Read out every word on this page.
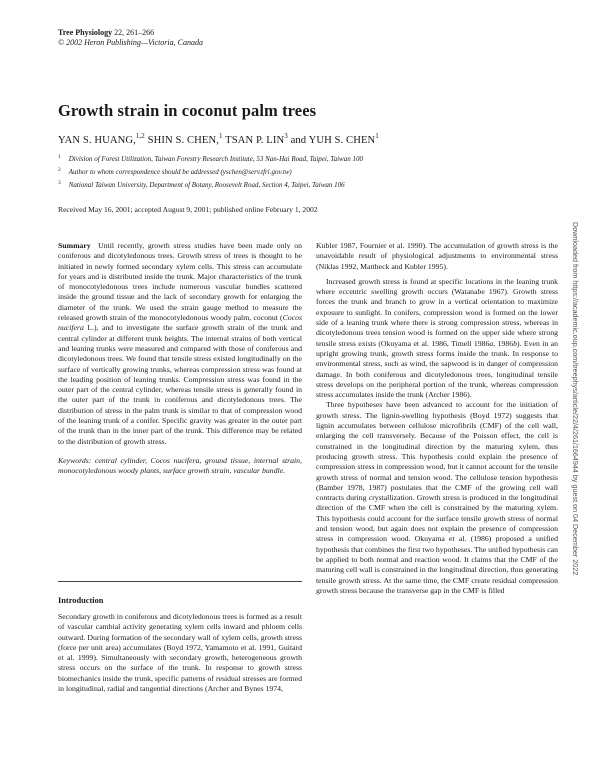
Tree Physiology 22, 261–266
© 2002 Heron Publishing—Victoria, Canada
Growth strain in coconut palm trees
YAN S. HUANG,$^{1,2}$ SHIN S. CHEN,$^1$ TSAN P. LIN$^3$ and YUH S. CHEN$^1$
$^1$ Division of Forest Utilization, Taiwan Forestry Research Institute, 53 Nan-Hai Road, Taipei, Taiwan 100
$^2$ Author to whom correspondence should be addressed (yschen@serv.tfri.gov.tw)
$^3$ National Taiwan University, Department of Botany, Roosevelt Road, Section 4, Taipei, Taiwan 106
Received May 16, 2001; accepted August 9, 2001; published online February 1, 2002

Summary Until recently, growth stress studies have been made only on coniferous and dicotyledonous trees. Growth stress of trees is thought to be initiated in newly formed secondary xylem cells. This stress can accumulate for years and is distributed inside the trunk. Major characteristics of the trunk of monocotyledonous trees include numerous vascular bundles scattered inside the ground tissue and the lack of secondary growth for enlarging the diameter of the trunk. We used the strain gauge method to measure the released growth strain of the monocotyledonous woody palm, coconut (Cocos nucifera L.), and to investigate the surface growth strain of the trunk and central cylinder at different trunk heights. The internal strains of both vertical and leaning trunks were measured and compared with those of coniferous and dicotyledonous trees. We found that tensile stress existed longitudinally on the surface of vertically growing trunks, whereas compression stress was found at the leading position of leaning trunks. Compression stress was found in the outer part of the central cylinder, whereas tensile stress is generally found in the outer part of the trunk in coniferous and dicotyledonous trees. The distribution of stress in the palm trunk is similar to that of compression wood of the leaning trunk of a conifer. Specific gravity was greater in the outer part of the trunk than in the inner part of the trunk. This difference may be related to the distribution of growth stress.

Keywords: central cylinder, Cocos nucifera, ground tissue, internal strain, monocotyledonous woody plants, surface growth strain, vascular bundle.

Introduction

Secondary growth in coniferous and dicotyledonous trees is formed as a result of vascular cambial activity generating xylem cells inward and phloem cells outward. During formation of the secondary wall of xylem cells, growth stress (force per unit area) accumulates (Boyd 1972, Yamamoto et al. 1991, Guitard et al. 1999). Simultaneously with secondary growth, heterogeneous growth stress occurs on the surface of the trunk. In response to growth stress biomechanics inside the trunk, specific patterns of residual stresses are formed in longitudinal, radial and tangential directions (Archer and Bynes 1974,

Kubler 1987, Fournier et al. 1990). The accumulation of growth stress is the unavoidable result of physiological adjustments to environmental stress (Niklas 1992, Mattheck and Kubler 1995).

Increased growth stress is found at specific locations in the leaning trunk where eccentric swelling growth occurs (Watanabe 1967). Growth stress forces the trunk and branch to grow in a vertical orientation to maximize exposure to sunlight. In conifers, compression wood is formed on the lower side of a leaning trunk where there is strong compression stress, whereas in dicotyledonous trees tension wood is formed on the upper side where strong tensile stress exists (Okuyama et al. 1986, Timell 1986a, 1986b). Even in an upright growing trunk, growth stress forms inside the trunk. In response to environmental stress, such as wind, the sapwood is in danger of compression damage. In both coniferous and dicotyledonous trees, longitudinal tensile stress develops on the peripheral portion of the trunk, whereas compression stress accumulates inside the trunk (Archer 1986).

Three hypotheses have been advanced to account for the initiation of growth stress. The lignin-swelling hypothesis (Boyd 1972) suggests that lignin accumulates between cellulose microfibrils (CMF) of the cell wall, enlarging the cell transversely. Because of the Poisson effect, the cell is constrained in the longitudinal direction by the maturing xylem, thus producing growth stress. This hypothesis could explain the presence of compression stress in compression wood, but it cannot account for the tensile growth stress of normal and tension wood. The cellulose tension hypothesis (Bamber 1978, 1987) postulates that the CMF of the growing cell wall contracts during crystallization. Growth stress is produced in the longitudinal direction of the CMF when the cell is constrained by the maturing xylem. This hypothesis could account for the surface tensile growth stress of normal and tension wood, but again does not explain the presence of compression stress in compression wood. Okuyama et al. (1986) proposed a unified hypothesis that combines the first two hypotheses. The unified hypothesis can be applied to both normal and reaction wood. It claims that the CMF of the maturing cell wall is constrained in the longitudinal direction, thus generating tensile growth stress. At the same time, the CMF create residual compression growth stress because the transverse gap in the CMF is filled

Downloaded from https://academic.oup.com/treephys/article/22/4/261/1664944 by guest on 04 December 2022
